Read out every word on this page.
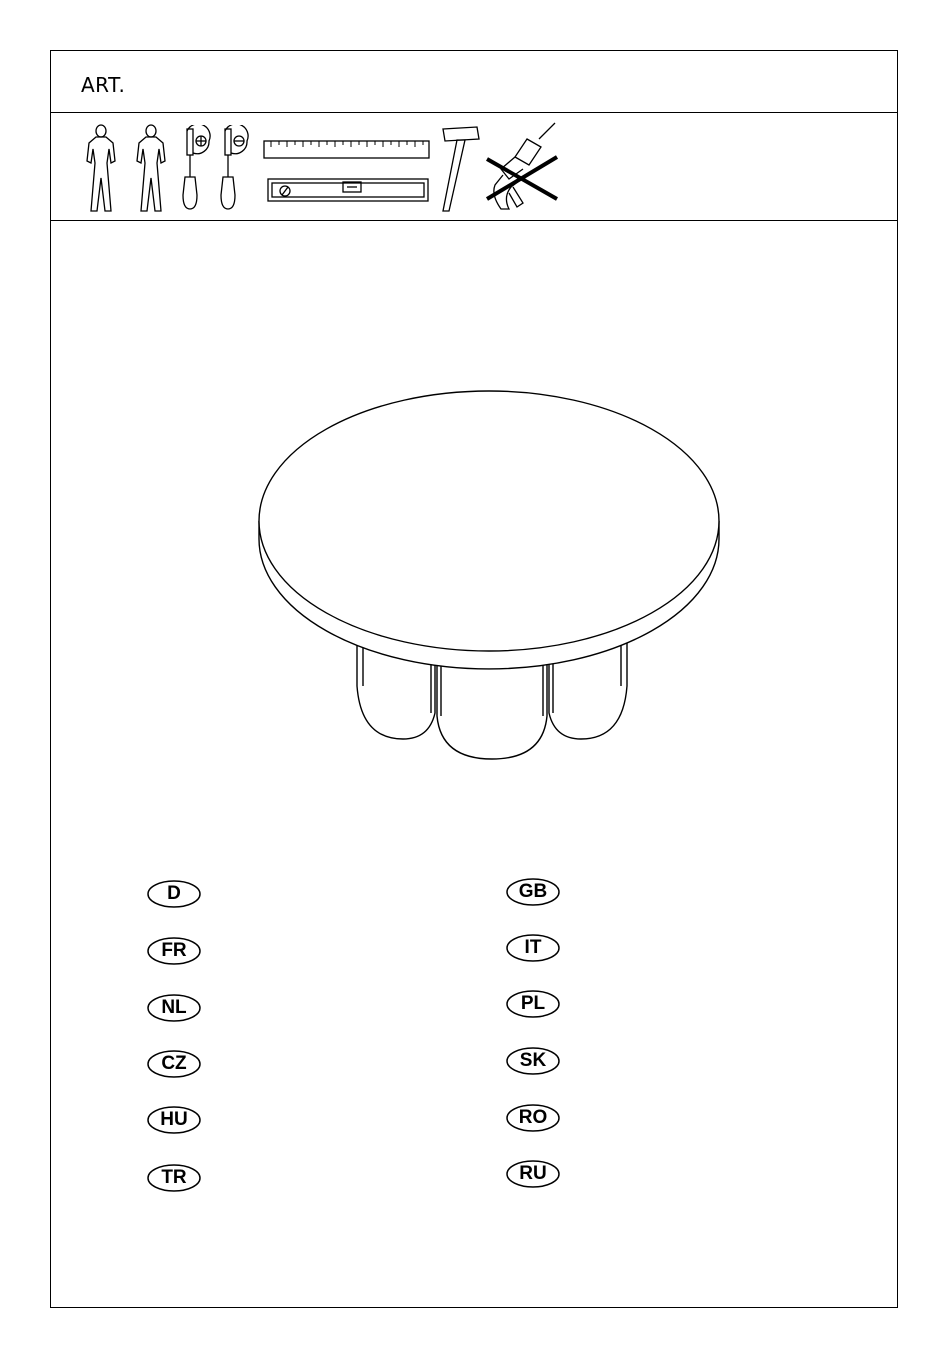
ART.
D
FR
NL
CZ
HU
TR
GB
IT
PL
SK
RO
RU
